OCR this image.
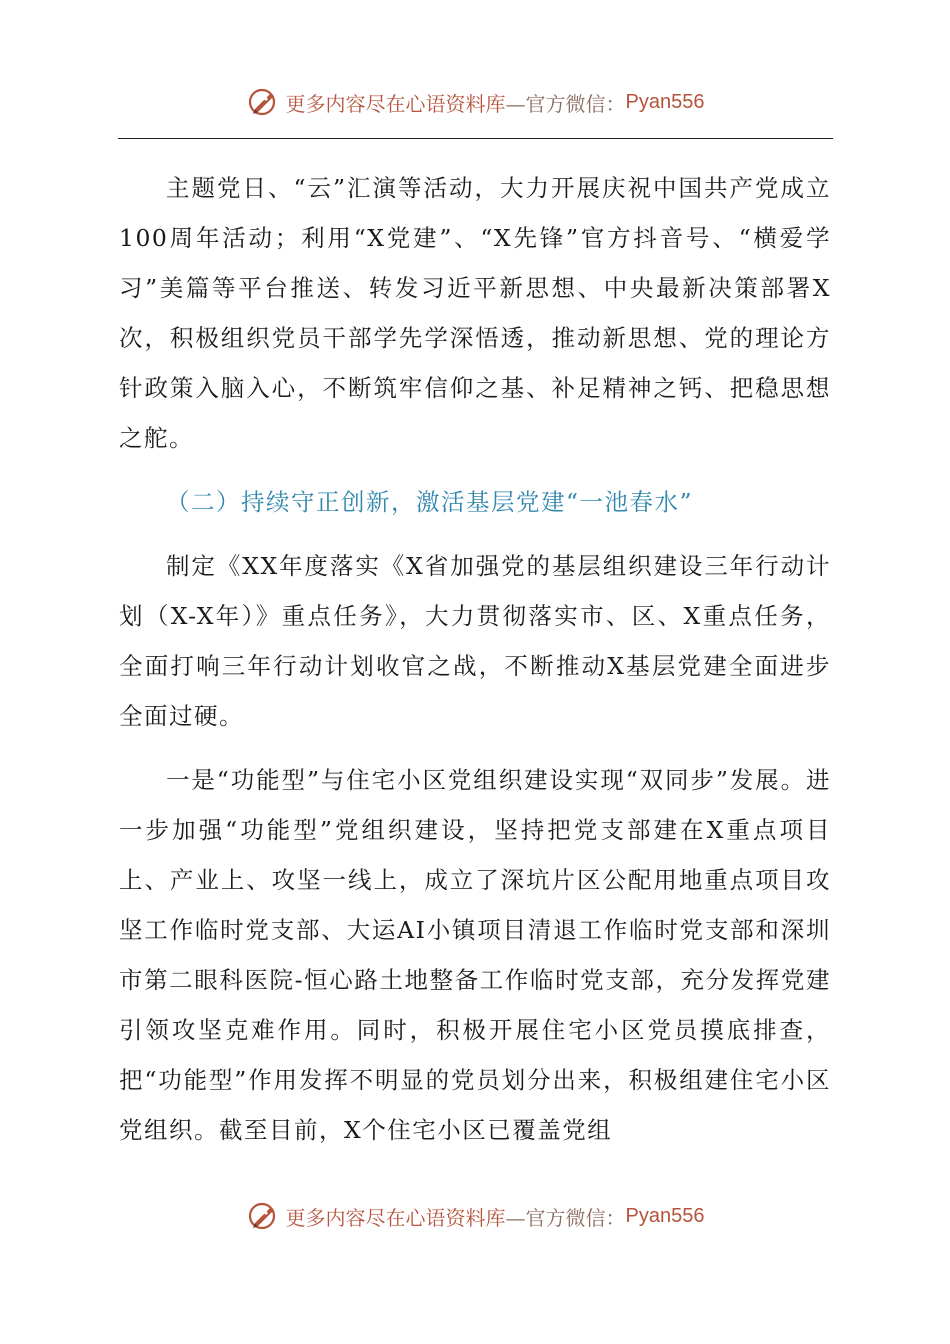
更多内容尽在心语资料库 —官方微信： Pyan556

主题党日、“云”汇演等活动，大力开展庆祝中国共产党成立100周年活动；利用“X党建”、“X先锋”官方抖音号、“横爱学习”美篇等平台推送、转发习近平新思想、中央最新决策部署X次，积极组织党员干部学先学深悟透，推动新思想、党的理论方针政策入脑入心，不断筑牢信仰之基、补足精神之钙、把稳思想之舵。

（二）持续守正创新，激活基层党建“一池春水”

制定《XX年度落实《X省加强党的基层组织建设三年行动计划（X-X年）》重点任务》，大力贯彻落实市、区、X重点任务，全面打响三年行动计划收官之战，不断推动X基层党建全面进步全面过硬。

一是“功能型”与住宅小区党组织建设实现“双同步”发展。进一步加强“功能型”党组织建设，坚持把党支部建在X重点项目上、产业上、攻坚一线上，成立了深坑片区公配用地重点项目攻坚工作临时党支部、大运AI小镇项目清退工作临时党支部和深圳市第二眼科医院-恒心路土地整备工作临时党支部，充分发挥党建引领攻坚克难作用。同时，积极开展住宅小区党员摸底排查，把“功能型”作用发挥不明显的党员划分出来，积极组建住宅小区党组织。截至目前，X个住宅小区已覆盖党组

更多内容尽在心语资料库 —官方微信： Pyan556
